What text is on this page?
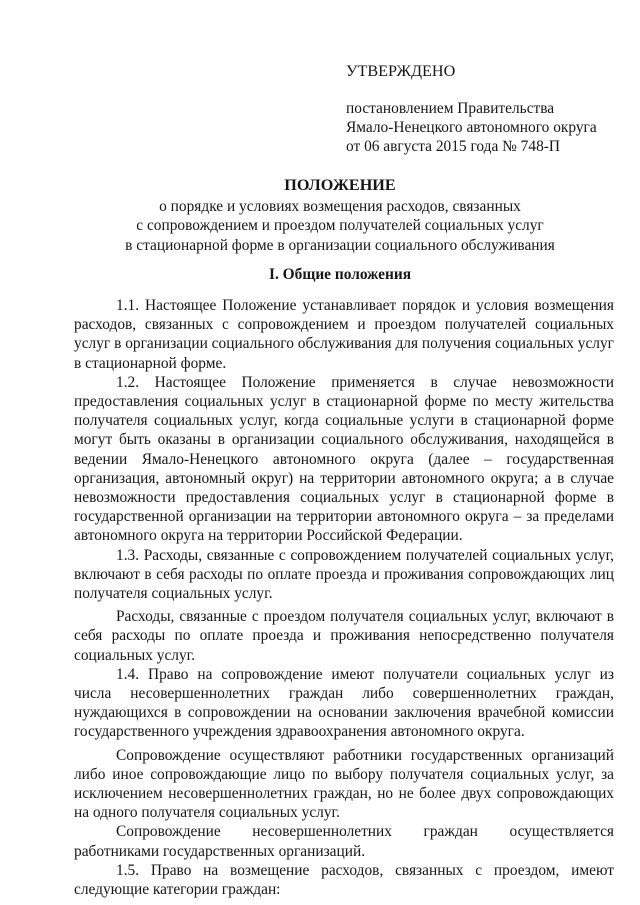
УТВЕРЖДЕНО
постановлением Правительства
Ямало-Ненецкого автономного округа
от 06 августа 2015 года № 748-П
ПОЛОЖЕНИЕ
о порядке и условиях возмещения расходов, связанных
с сопровождением и проездом получателей социальных услуг
в стационарной форме в организации социального обслуживания
I. Общие положения

1.1. Настоящее Положение устанавливает порядок и условия возмещения расходов, связанных с сопровождением и проездом получателей социальных услуг в организации социального обслуживания для получения социальных услуг в стационарной форме.

1.2. Настоящее Положение применяется в случае невозможности предоставления социальных услуг в стационарной форме по месту жительства получателя социальных услуг, когда социальные услуги в стационарной форме могут быть оказаны в организации социального обслуживания, находящейся в ведении Ямало-Ненецкого автономного округа (далее – государственная организация, автономный округ) на территории автономного округа; а в случае невозможности предоставления социальных услуг в стационарной форме в государственной организации на территории автономного округа – за пределами автономного округа на территории Российской Федерации.

1.3. Расходы, связанные с сопровождением получателей социальных услуг, включают в себя расходы по оплате проезда и проживания сопровождающих лиц получателя социальных услуг.

Расходы, связанные с проездом получателя социальных услуг, включают в себя расходы по оплате проезда и проживания непосредственно получателя социальных услуг.

1.4. Право на сопровождение имеют получатели социальных услуг из числа несовершеннолетних граждан либо совершеннолетних граждан, нуждающихся в сопровождении на основании заключения врачебной комиссии государственного учреждения здравоохранения автономного округа.

Сопровождение осуществляют работники государственных организаций либо иное сопровождающие лицо по выбору получателя социальных услуг, за исключением несовершеннолетних граждан, но не более двух сопровождающих на одного получателя социальных услуг.

Сопровождение несовершеннолетних граждан осуществляется работниками государственных организаций.

1.5. Право на возмещение расходов, связанных с проездом, имеют следующие категории граждан:
